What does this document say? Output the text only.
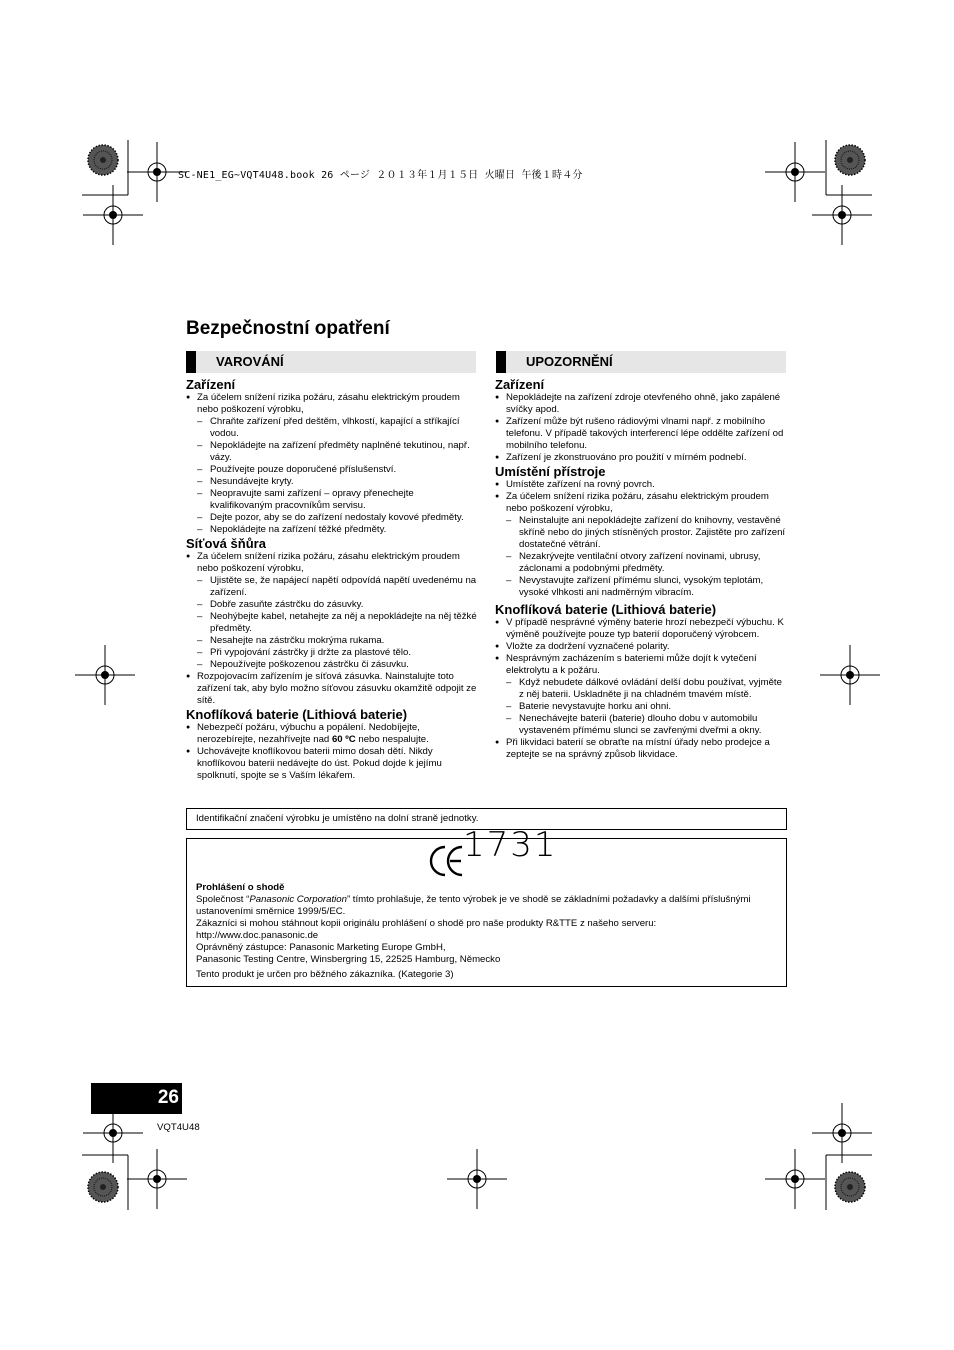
SC-NE1_EG~VQT4U48.book 26 ページ ２０１３年１月１５日 火曜日 午後１時４分
Bezpečnostní opatření
VAROVÁNÍ	UPOZORNĚNÍ
Zařízení
● Za účelem snížení rizika požáru, zásahu elektrickým proudem nebo poškození výrobku,
– Chraňte zařízení před deštěm, vlhkostí, kapající a stříkající vodou.
– Nepokládejte na zařízení předměty naplněné tekutinou, např. vázy.
– Používejte pouze doporučené příslušenství.
– Nesundávejte kryty.
– Neopravujte sami zařízení – opravy přenechejte kvalifikovaným pracovníkům servisu.
– Dejte pozor, aby se do zařízení nedostaly kovové předměty.
– Nepokládejte na zařízení těžké předměty.
Síťová šňůra
● Za účelem snížení rizika požáru, zásahu elektrickým proudem nebo poškození výrobku,
– Ujistěte se, že napájecí napětí odpovídá napětí uvedenému na zařízení.
– Dobře zasuňte zástrčku do zásuvky.
– Neohýbejte kabel, netahejte za něj a nepokládejte na něj těžké předměty.
– Nesahejte na zástrčku mokrýma rukama.
– Při vypojování zástrčky ji držte za plastové tělo.
– Nepoužívejte poškozenou zástrčku či zásuvku.
● Rozpojovacím zařízením je síťová zásuvka. Nainstalujte toto zařízení tak, aby bylo možno síťovou zásuvku okamžitě odpojit ze sítě.
Knoflíková baterie (Lithiová baterie)
● Nebezpečí požáru, výbuchu a popálení. Nedobíjejte, nerozebírejte, nezahřívejte nad 60 ºC nebo nespalujte.
● Uchovávejte knoflíkovou baterii mimo dosah dětí. Nikdy knoflíkovou baterii nedávejte do úst. Pokud dojde k jejímu spolknutí, spojte se s Vaším lékařem.
Zařízení
● Nepokládejte na zařízení zdroje otevřeného ohně, jako zapálené svíčky apod.
● Zařízení může být rušeno rádiovými vlnami např. z mobilního telefonu. V případě takových interferencí lépe oddělte zařízení od mobilního telefonu.
● Zařízení je zkonstruováno pro použití v mírném podnebí.
Umístění přístroje
● Umístěte zařízení na rovný povrch.
● Za účelem snížení rizika požáru, zásahu elektrickým proudem nebo poškození výrobku,
– Neinstalujte ani nepokládejte zařízení do knihovny, vestavěné skříně nebo do jiných stísněných prostor. Zajistěte pro zařízení dostatečné větrání.
– Nezakrývejte ventilační otvory zařízení novinami, ubrusy, záclonami a podobnými předměty.
– Nevystavujte zařízení přímému slunci, vysokým teplotám, vysoké vlhkosti ani nadměrným vibracím.
Knoflíková baterie (Lithiová baterie)
● V případě nesprávné výměny baterie hrozí nebezpečí výbuchu. K výměně používejte pouze typ baterií doporučený výrobcem.
● Vložte za dodržení vyznačené polarity.
● Nesprávným zacházením s bateriemi může dojít k vytečení elektrolytu a k požáru.
– Když nebudete dálkové ovládání delší dobu používat, vyjměte z něj baterii. Uskladněte ji na chladném tmavém místě.
– Baterie nevystavujte horku ani ohni.
– Nenechávejte baterii (baterie) dlouho dobu v automobilu vystaveném přímému slunci se zavřenými dveřmi a okny.
● Při likvidaci baterií se obraťte na místní úřady nebo prodejce a zeptejte se na správný způsob likvidace.
Identifikační značení výrobku je umístěno na dolní straně jednotky.
1731

Prohlášení o shodě

Společnost “Panasonic Corporation” tímto prohlašuje, že tento výrobek je ve shodě se základními požadavky a dalšími příslušnými ustanoveními směrnice 1999/5/EC.

Zákazníci si mohou stáhnout kopii originálu prohlášení o shodě pro naše produkty R&TTE z našeho serveru:

http://www.doc.panasonic.de

Oprávněný zástupce: Panasonic Marketing Europe GmbH,

Panasonic Testing Centre, Winsbergring 15, 22525 Hamburg, Německo

Tento produkt je určen pro běžného zákazníka. (Kategorie 3)

26
VQT4U48
